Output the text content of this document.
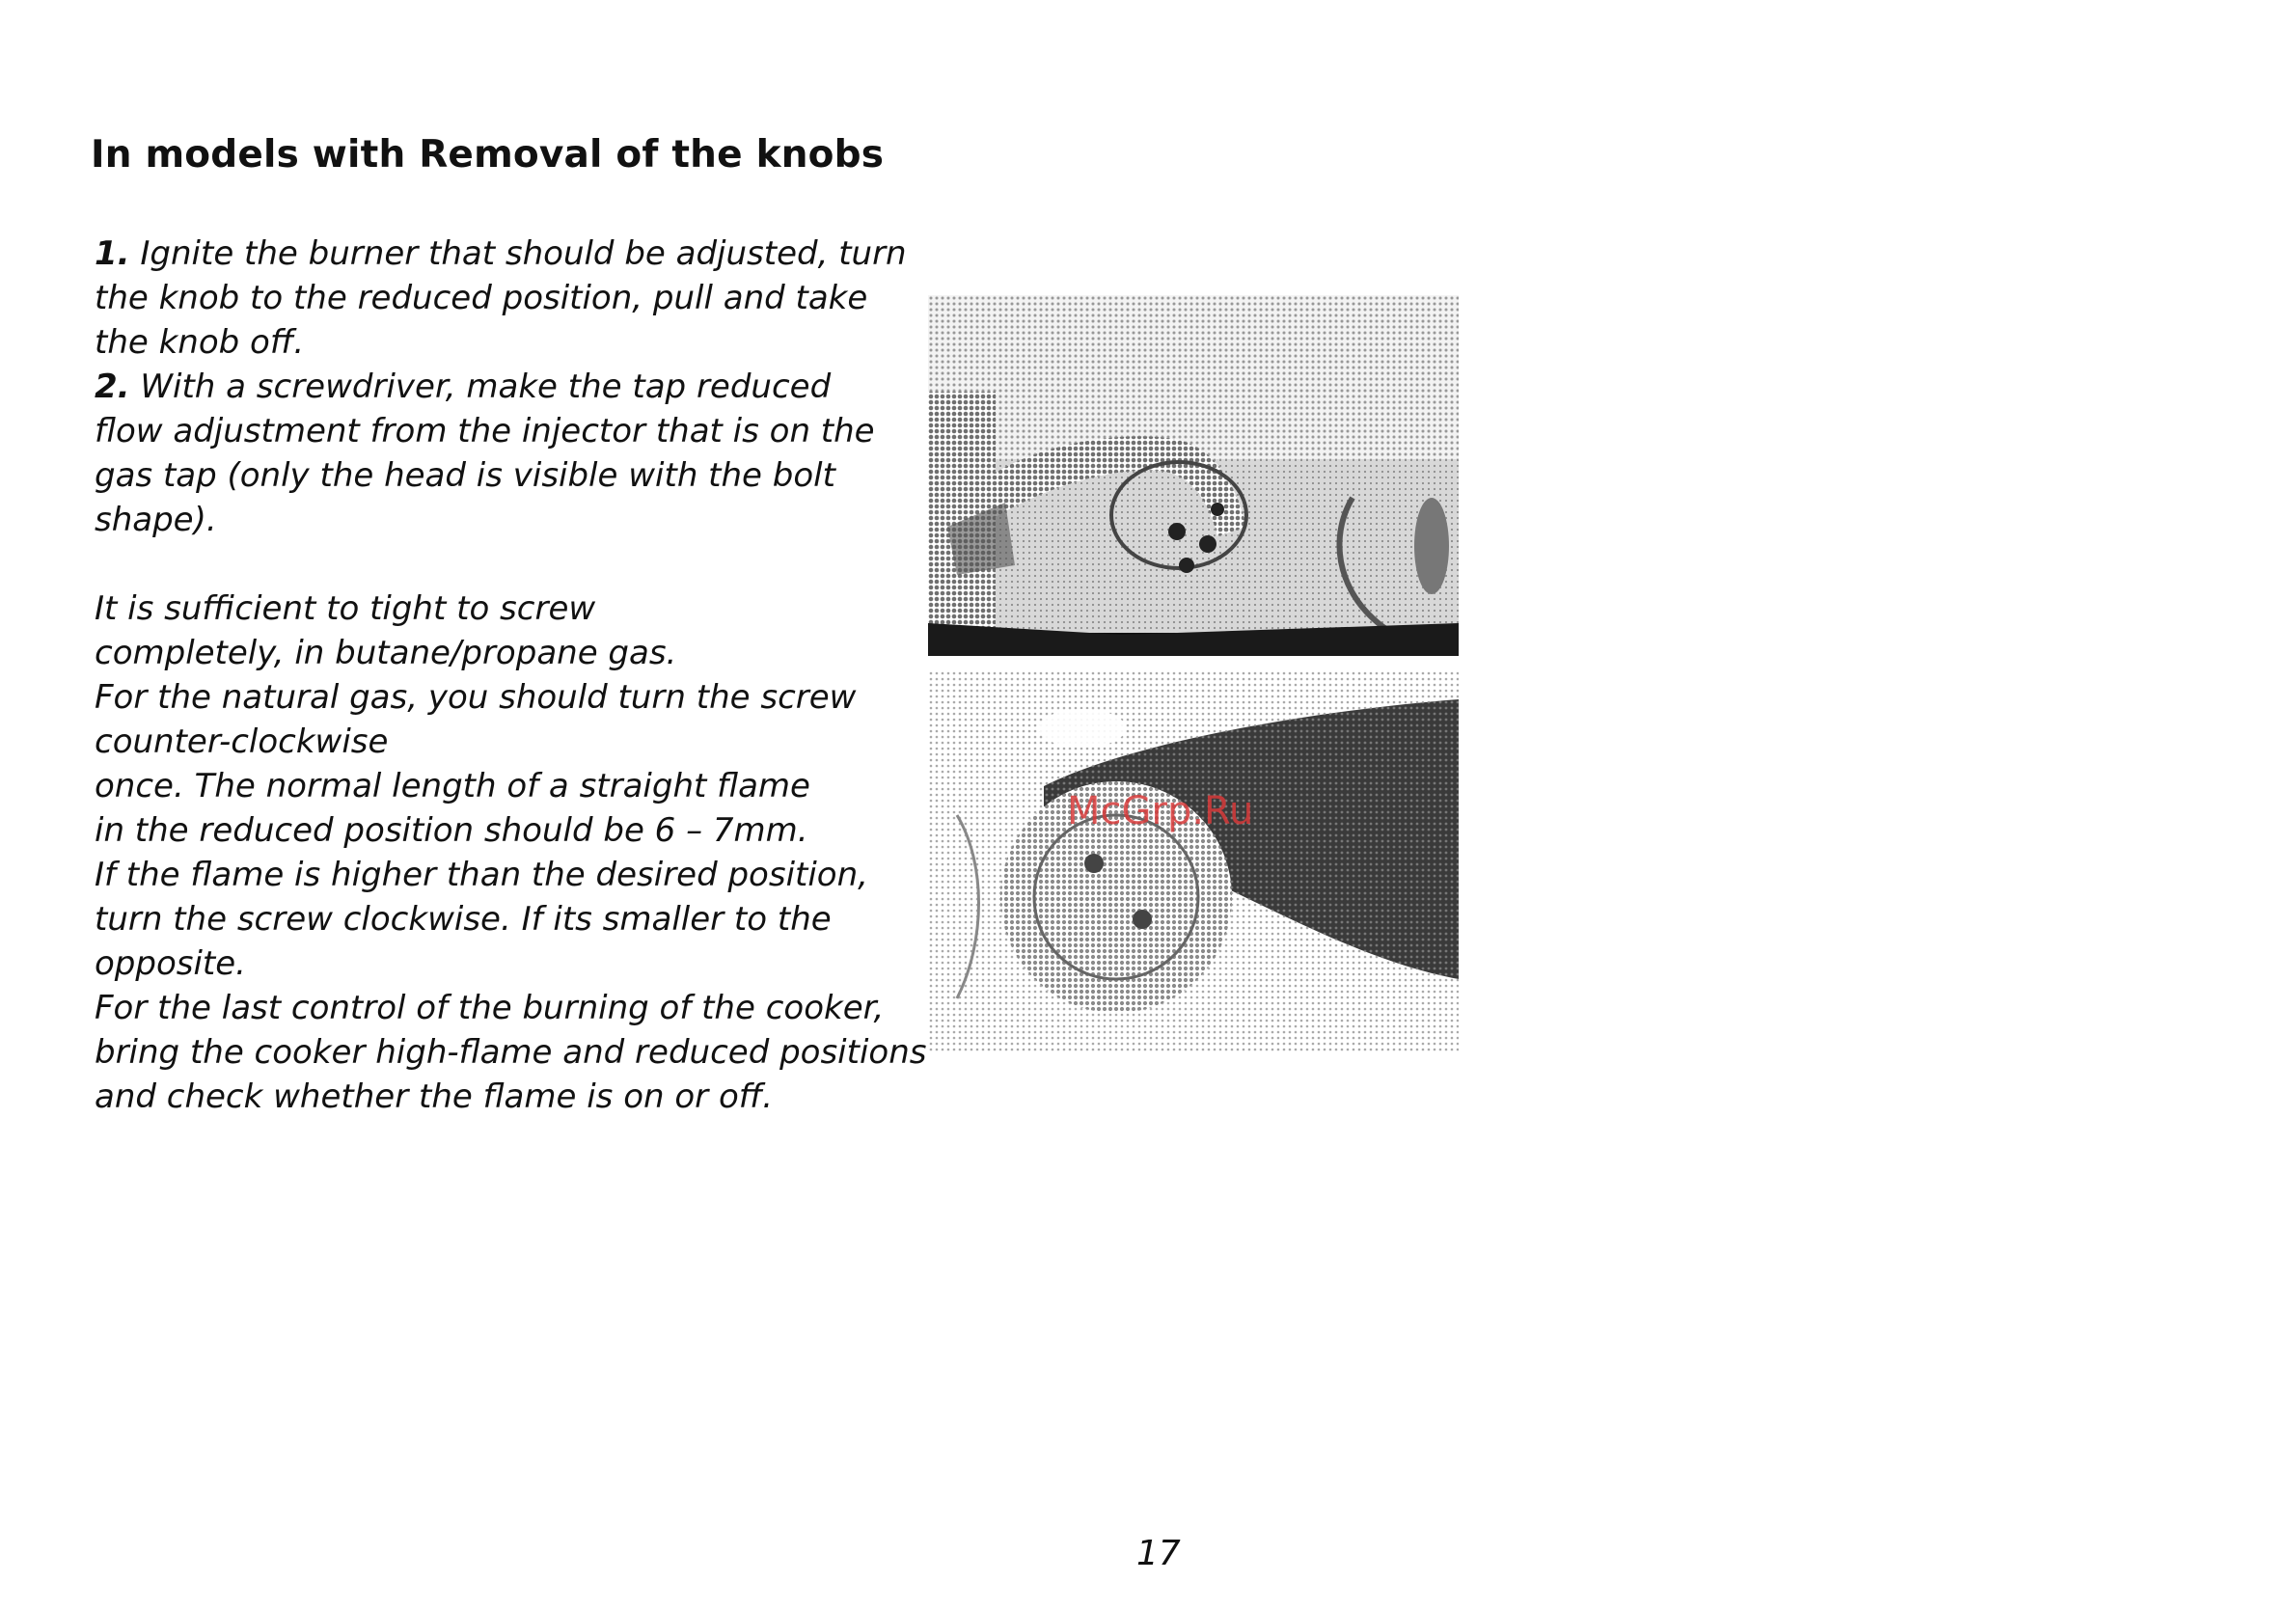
In models with Removal of the knobs
1. Ignite the burner that should be adjusted, turn
the knob to the reduced position, pull and take
the knob off.
2. With a screwdriver, make the tap reduced
flow adjustment from the injector that is on the
gas tap (only the head is visible with the bolt
shape).
It is sufficient to tight to screw
completely, in butane/propane gas.
For the natural gas, you should turn the screw
counter-clockwise
once. The normal length of a straight flame
in the reduced position should be 6 – 7mm.
If the flame is higher than the desired position,
turn the screw clockwise. If its smaller to the
opposite.
For the last control of the burning of the cooker,
bring the cooker high-flame and reduced positions
and check whether the flame is on or off.
McGrp.Ru
17
